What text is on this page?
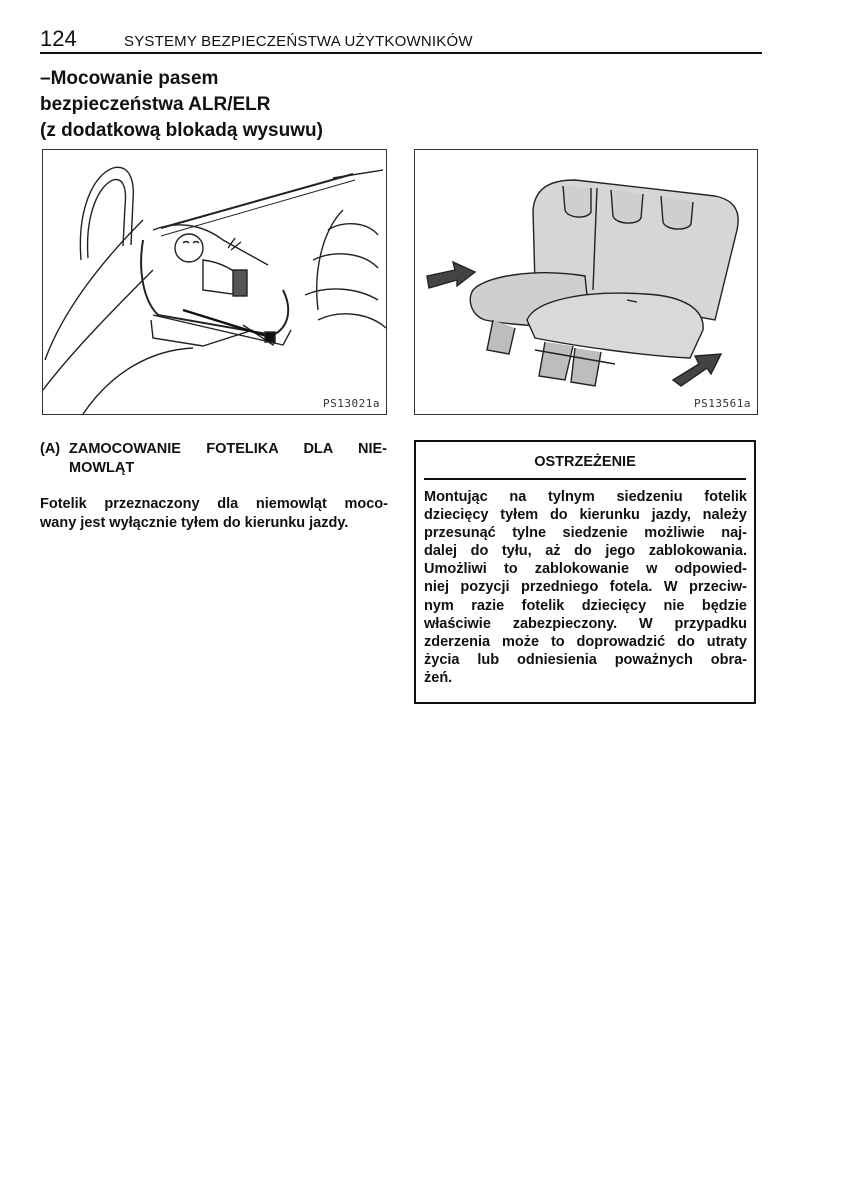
124	SYSTEMY BEZPIECZEŃSTWA UŻYTKOWNIKÓW
–Mocowanie pasem
bezpieczeństwa ALR/ELR
(z dodatkową blokadą wysuwu)
PS13021a	PS13561a
(A) ZAMOCOWANIE FOTELIKA DLA NIE-
MOWLĄT
Fotelik przeznaczony dla niemowląt moco-
wany jest wyłącznie tyłem do kierunku jazdy.
OSTRZEŻENIE
Montując na tylnym siedzeniu fotelik
dziecięcy tyłem do kierunku jazdy, należy
przesunąć tylne siedzenie możliwie naj-
dalej do tyłu, aż do jego zablokowania.
Umożliwi to zablokowanie w odpowied-
niej pozycji przedniego fotela. W przeciw-
nym razie fotelik dziecięcy nie będzie
właściwie zabezpieczony. W przypadku
zderzenia może to doprowadzić do utraty
życia lub odniesienia poważnych obra-
żeń.
